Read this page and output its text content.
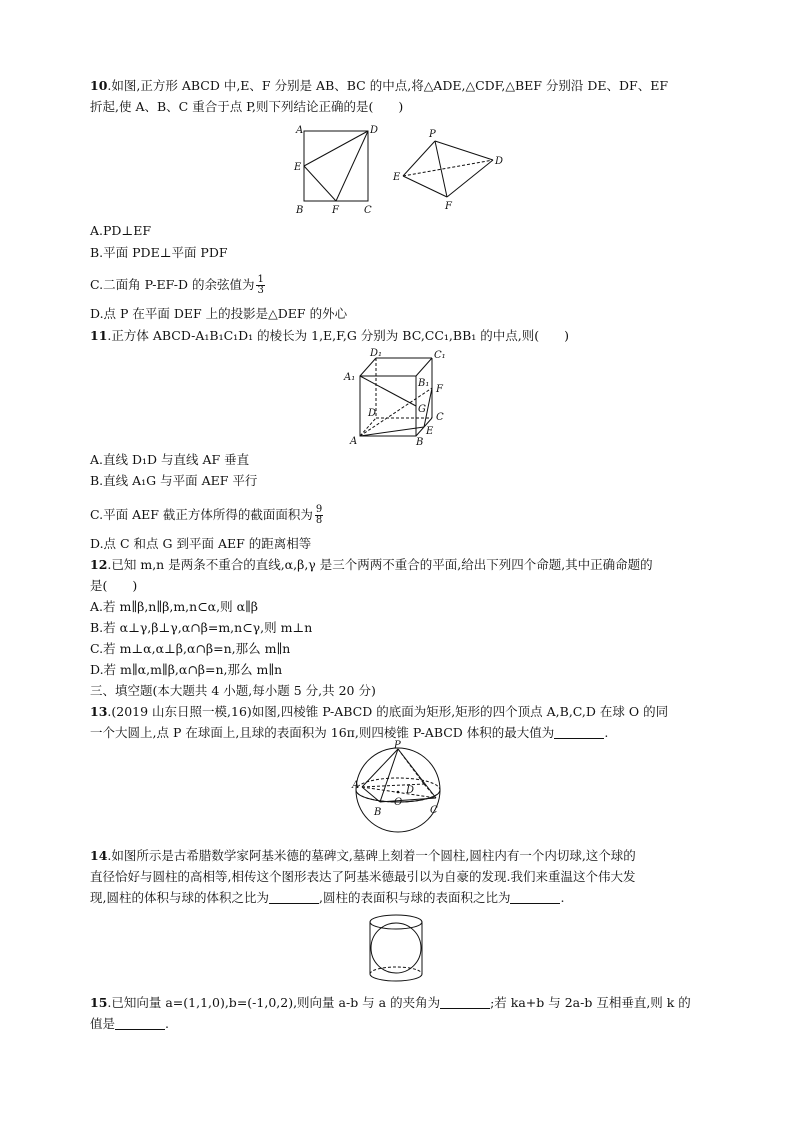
10.如图,正方形 ABCD 中,E、F 分别是 AB、BC 的中点,将△ADE,△CDF,△BEF 分别沿 DE、DF、EF
折起,使 A、B、C 重合于点 P,则下列结论正确的是(　　)
A	D
E
B	F	C
P
D
E
F
A.PD⊥EF
B.平面 PDE⊥平面 PDF
C.二面角 P-EF-D 的余弦值为 $\frac{1}{3}$
D.点 P 在平面 DEF 上的投影是△DEF 的外心
11.正方体 ABCD-A₁B₁C₁D₁ 的棱长为 1,E,F,G 分别为 BC,CC₁,BB₁ 的中点,则(　　)
D₁	C₁
A₁
B₁
F
D	G
C
A
E
B
A.直线 D₁D 与直线 AF 垂直
B.直线 A₁G 与平面 AEF 平行
C.平面 AEF 截正方体所得的截面面积为 $\frac{9}{8}$
D.点 C 和点 G 到平面 AEF 的距离相等
12.已知 m,n 是两条不重合的直线,α,β,γ 是三个两两不重合的平面,给出下列四个命题,其中正确命题的
是(　　)
A.若 m∥β,n∥β,m,n⊂α,则 α∥β
B.若 α⊥γ,β⊥γ,α∩β=m,n⊂γ,则 m⊥n
C.若 m⊥α,α⊥β,α∩β=n,那么 m∥n
D.若 m∥α,m∥β,α∩β=n,那么 m∥n
三、填空题(本大题共 4 小题,每小题 5 分,共 20 分)
13.(2019 山东日照一模,16)如图,四棱锥 P-ABCD 的底面为矩形,矩形的四个顶点 A,B,C,D 在球 O 的同
一个大圆上,点 P 在球面上,且球的表面积为 16π,则四棱锥 P-ABCD 体积的最大值为	.
P
A	D
O
B	C
14.如图所示是古希腊数学家阿基米德的墓碑文,墓碑上刻着一个圆柱,圆柱内有一个内切球,这个球的
直径恰好与圆柱的高相等,相传这个图形表达了阿基米德最引以为自豪的发现.我们来重温这个伟大发
现,圆柱的体积与球的体积之比为	,圆柱的表面积与球的表面积之比为	.
15.已知向量 a=(1,1,0),b=(-1,0,2),则向量 a-b 与 a 的夹角为	;若 ka+b 与 2a-b 互相垂直,则 k 的
值是	.
